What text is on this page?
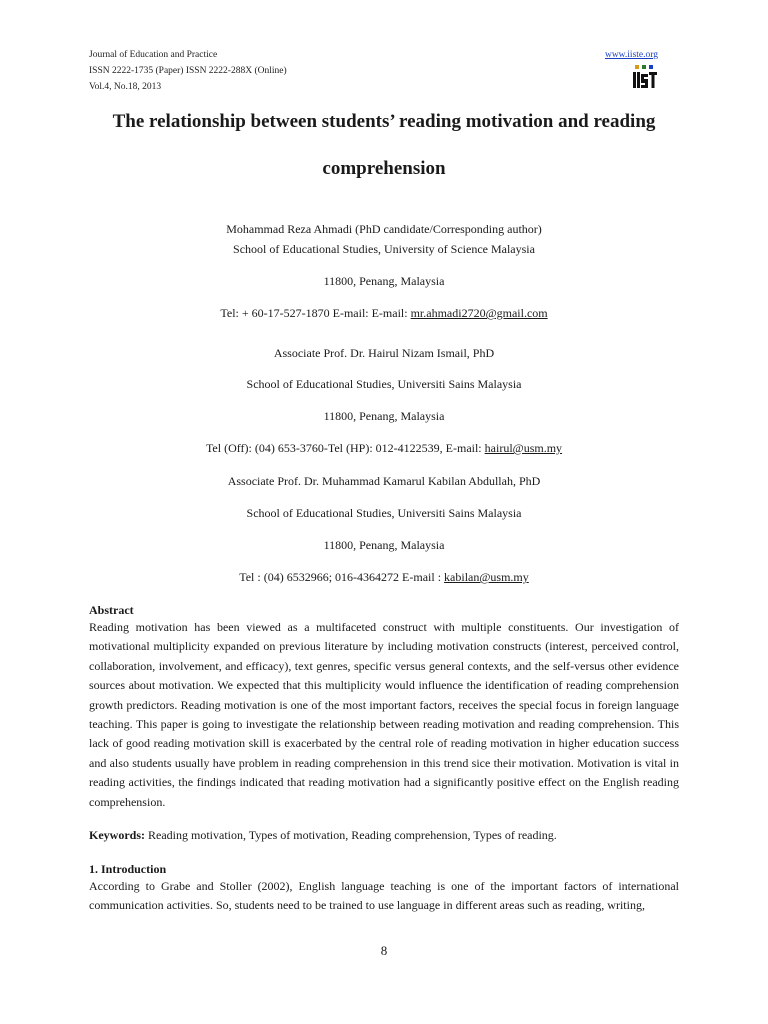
Journal of Education and Practice
ISSN 2222-1735 (Paper) ISSN 2222-288X (Online)
Vol.4, No.18, 2013
www.iiste.org
The relationship between students’ reading motivation and reading
comprehension
Mohammad Reza Ahmadi (PhD candidate/Corresponding author)
School of Educational Studies, University of Science Malaysia
11800, Penang, Malaysia
Tel: + 60-17-527-1870 E-mail: E-mail: mr.ahmadi2720@gmail.com
Associate Prof. Dr. Hairul Nizam Ismail, PhD
School of Educational Studies, Universiti Sains Malaysia
11800, Penang, Malaysia
Tel (Off): (04) 653-3760-Tel (HP): 012-4122539, E-mail: hairul@usm.my
Associate Prof. Dr. Muhammad Kamarul Kabilan Abdullah, PhD
School of Educational Studies, Universiti Sains Malaysia
11800, Penang, Malaysia
Tel : (04) 6532966; 016-4364272 E-mail : kabilan@usm.my
Abstract

Reading motivation has been viewed as a multifaceted construct with multiple constituents. Our investigation of motivational multiplicity expanded on previous literature by including motivation constructs (interest, perceived control, collaboration, involvement, and efficacy), text genres, specific versus general contexts, and the self-versus other evidence sources about motivation. We expected that this multiplicity would influence the identification of reading comprehension growth predictors. Reading motivation is one of the most important factors, receives the special focus in foreign language teaching. This paper is going to investigate the relationship between reading motivation and reading comprehension. This lack of good reading motivation skill is exacerbated by the central role of reading motivation in higher education success and also students usually have problem in reading comprehension in this trend sice their motivation. Motivation is vital in reading activities, the findings indicated that reading motivation had a significantly positive effect on the English reading comprehension.

Keywords: Reading motivation, Types of motivation, Reading comprehension, Types of reading.
1. Introduction

According to Grabe and Stoller (2002), English language teaching is one of the important factors of international communication activities. So, students need to be trained to use language in different areas such as reading, writing,

8
